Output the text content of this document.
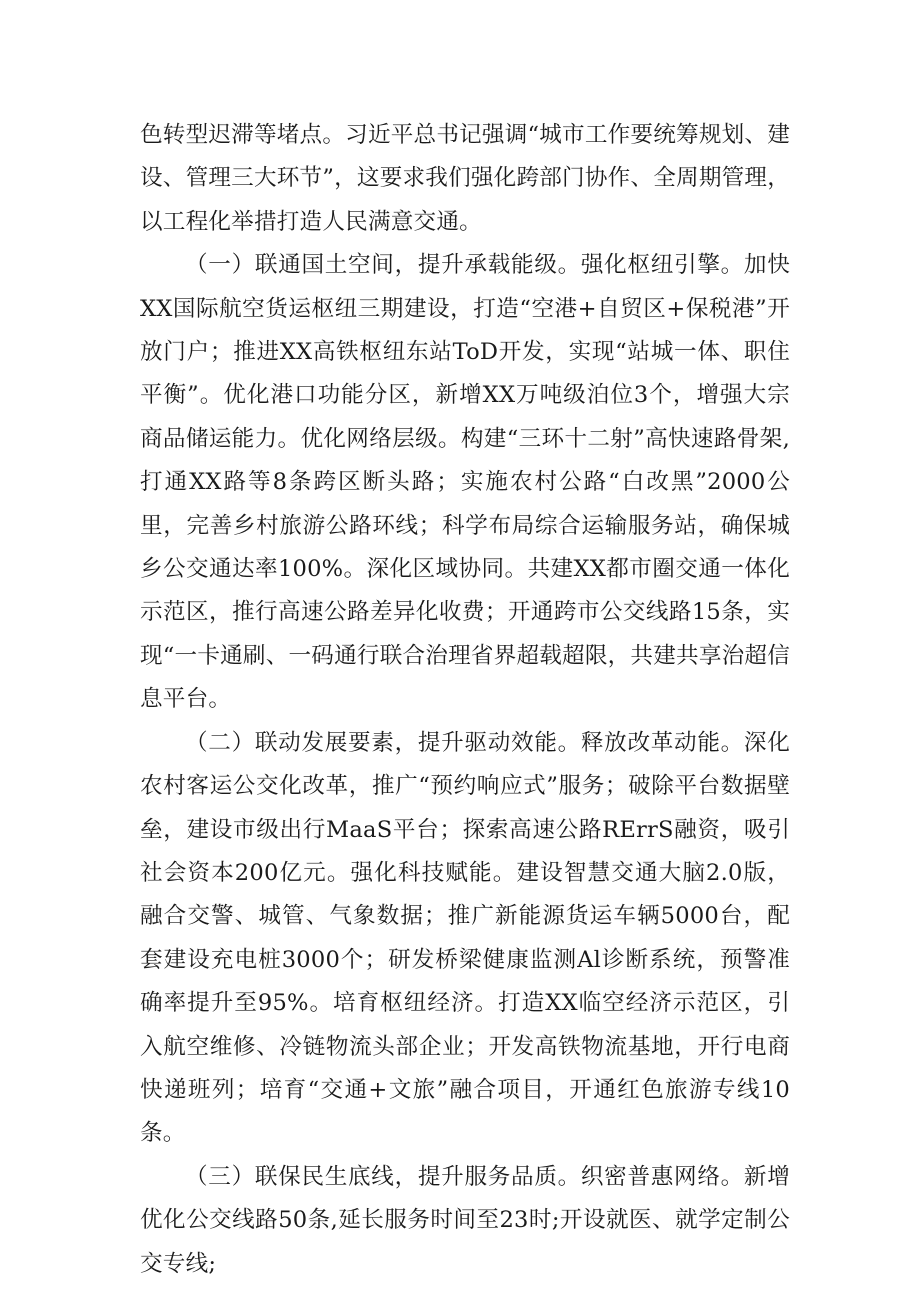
色转型迟滞等堵点。习近平总书记强调“城市工作要统筹规划、建设、管理三大环节”，这要求我们强化跨部门协作、全周期管理，以工程化举措打造人民满意交通。

（一）联通国土空间，提升承载能级。强化枢纽引擎。加快XX国际航空货运枢纽三期建设，打造“空港+自贸区+保税港”开放门户；推进XX高铁枢纽东站ToD开发，实现“站城一体、职住平衡”。优化港口功能分区，新增XX万吨级泊位3个，增强大宗商品储运能力。优化网络层级。构建“三环十二射”高快速路骨架,打通XX路等8条跨区断头路；实施农村公路“白改黑”2000公里，完善乡村旅游公路环线；科学布局综合运输服务站，确保城乡公交通达率100%。深化区域协同。共建XX都市圈交通一体化示范区，推行高速公路差异化收费；开通跨市公交线路15条，实现“一卡通刷、一码通行联合治理省界超载超限，共建共享治超信息平台。

（二）联动发展要素，提升驱动效能。释放改革动能。深化农村客运公交化改革，推广“预约响应式”服务；破除平台数据壁垒，建设市级出行MaaS平台；探索高速公路RErrS融资，吸引社会资本200亿元。强化科技赋能。建设智慧交通大脑2.0版，融合交警、城管、气象数据；推广新能源货运车辆5000台，配套建设充电桩3000个；研发桥梁健康监测Al诊断系统，预警准确率提升至95%。培育枢纽经济。打造XX临空经济示范区，引入航空维修、冷链物流头部企业；开发高铁物流基地，开行电商快递班列；培育“交通+文旅”融合项目，开通红色旅游专线10条。

（三）联保民生底线，提升服务品质。织密普惠网络。新增优化公交线路50条,延长服务时间至23时;开设就医、就学定制公交专线;
